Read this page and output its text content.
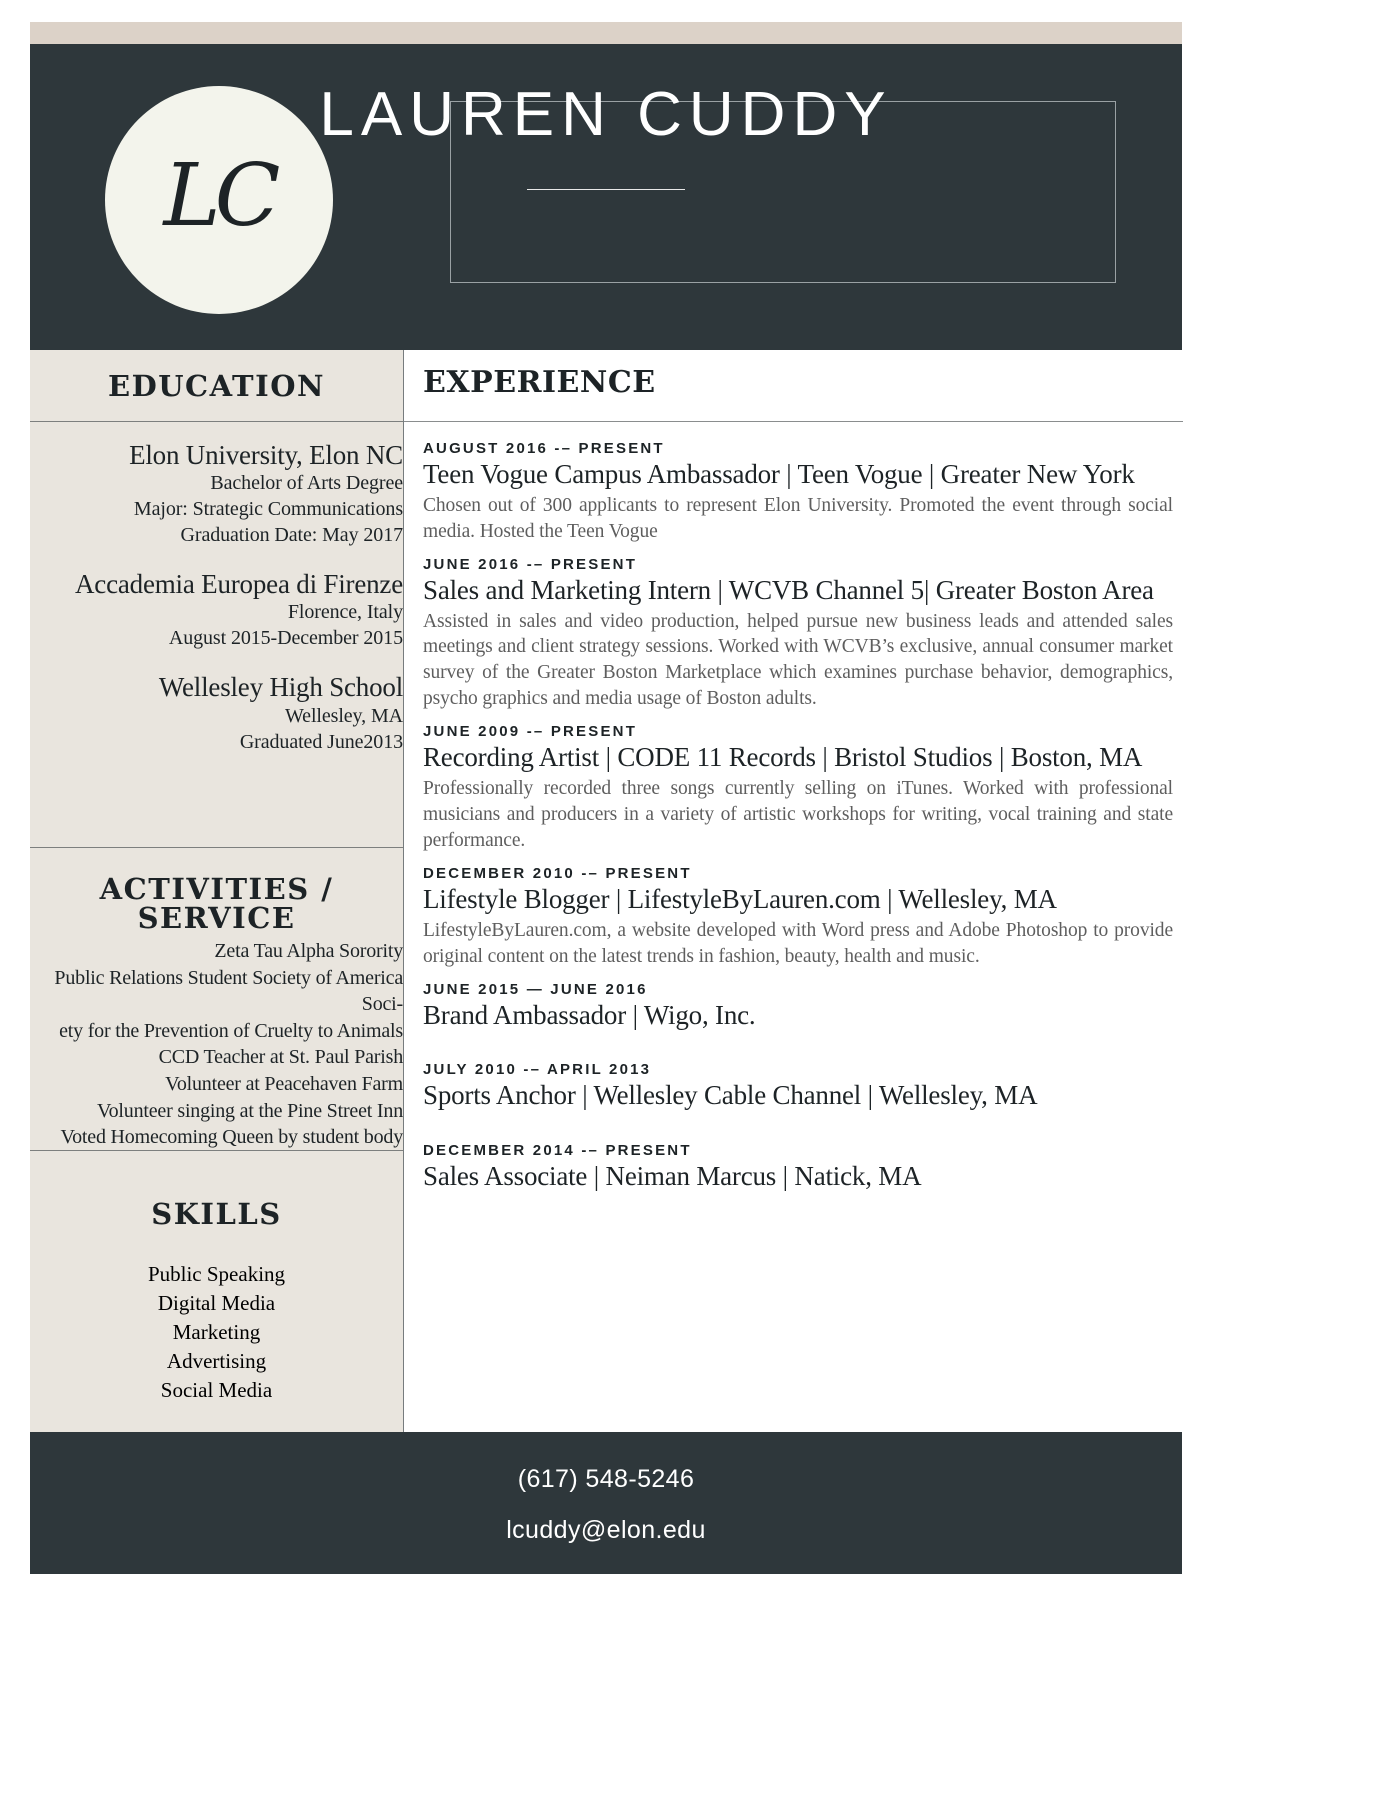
LC
LAUREN CUDDY
EDUCATION
Elon University, Elon NC
Bachelor of Arts Degree
Major: Strategic Communications
Graduation Date: May 2017
Accademia Europea di Firenze
Florence, Italy
August 2015-December 2015
Wellesley High School
Wellesley, MA
Graduated June2013
ACTIVITIES / SERVICE
Zeta Tau Alpha Sorority
Public Relations Student Society of America Soci-
ety for the Prevention of Cruelty to Animals
CCD Teacher at St. Paul Parish
Volunteer at Peacehaven Farm
Volunteer singing at the Pine Street Inn
Voted Homecoming Queen by student body
SKILLS
Public Speaking
Digital Media
Marketing
Advertising
Social Media
EXPERIENCE
AUGUST 2016 -– PRESENT
Teen Vogue Campus Ambassador | Teen Vogue | Greater New York
Chosen out of 300 applicants to represent Elon University. Promoted the event through social media. Hosted the Teen Vogue
JUNE 2016 -– PRESENT
Sales and Marketing Intern | WCVB Channel 5| Greater Boston Area
Assisted in sales and video production, helped pursue new business leads and attended sales meetings and client strategy sessions. Worked with WCVB’s exclusive, annual consumer market survey of the Greater Boston Marketplace which examines purchase behavior, demographics, psycho graphics and media usage of Boston adults.
JUNE 2009 -– PRESENT
Recording Artist | CODE 11 Records | Bristol Studios | Boston, MA
Professionally recorded three songs currently selling on iTunes. Worked with professional musicians and producers in a variety of artistic workshops for writing, vocal training and state performance.
DECEMBER 2010 -– PRESENT
Lifestyle Blogger | LifestyleByLauren.com | Wellesley, MA
LifestyleByLauren.com, a website developed with Word press and Adobe Photoshop to provide original content on the latest trends in fashion, beauty, health and music.
JUNE 2015 — JUNE 2016
Brand Ambassador | Wigo, Inc.
JULY 2010 -– APRIL 2013
Sports Anchor | Wellesley Cable Channel | Wellesley, MA
DECEMBER 2014 -– PRESENT
Sales Associate | Neiman Marcus | Natick, MA
(617) 548-5246
lcuddy@elon.edu
